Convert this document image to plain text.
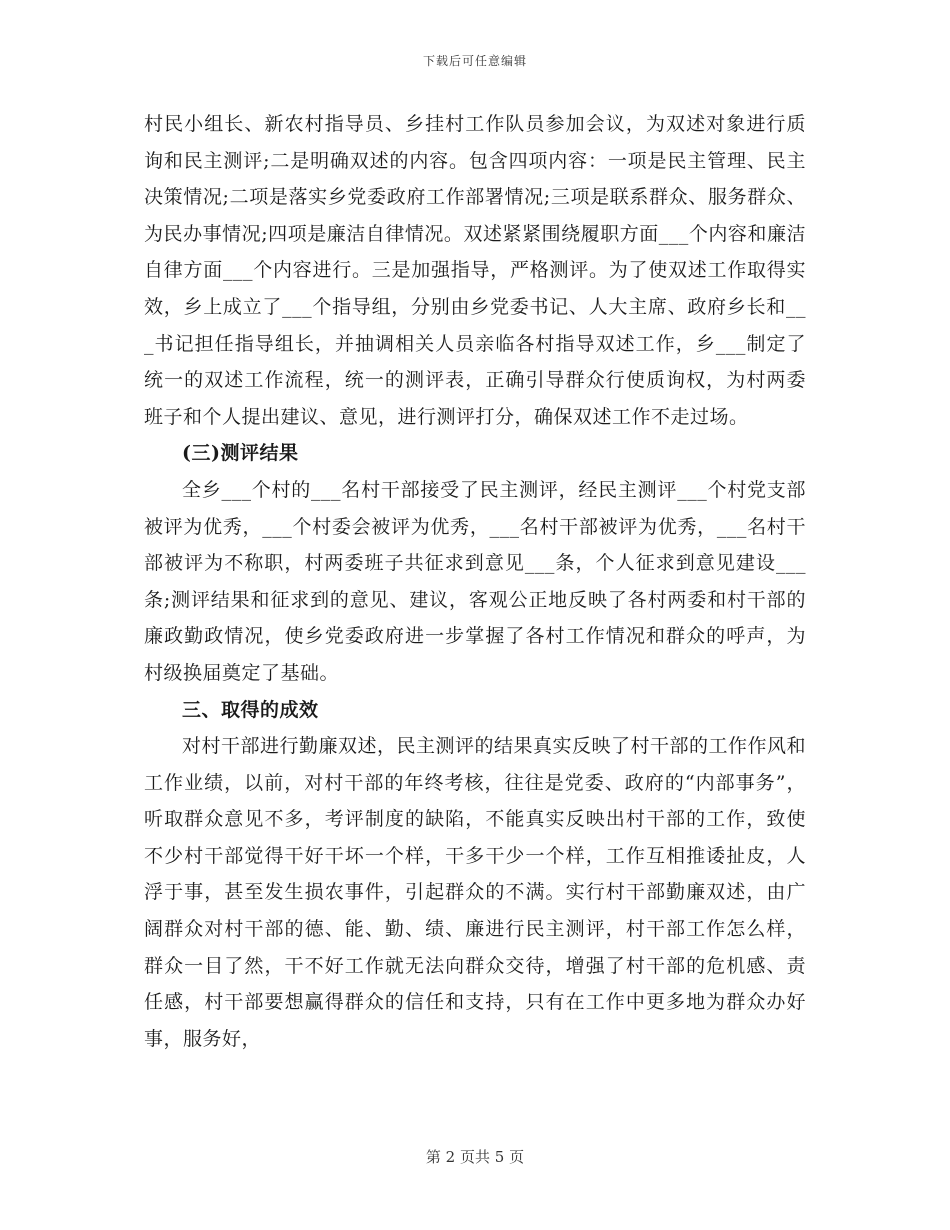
下载后可任意编辑

村民小组长、新农村指导员、乡挂村工作队员参加会议，为双述对象进行质询和民主测评;二是明确双述的内容。包含四项内容：一项是民主管理、民主决策情况;二项是落实乡党委政府工作部署情况;三项是联系群众、服务群众、为民办事情况;四项是廉洁自律情况。双述紧紧围绕履职方面___个内容和廉洁自律方面___个内容进行。三是加强指导，严格测评。为了使双述工作取得实效，乡上成立了___个指导组，分别由乡党委书记、人大主席、政府乡长和___书记担任指导组长，并抽调相关人员亲临各村指导双述工作，乡___制定了统一的双述工作流程，统一的测评表，正确引导群众行使质询权，为村两委班子和个人提出建议、意见，进行测评打分，确保双述工作不走过场。

(三)测评结果

全乡___个村的___名村干部接受了民主测评，经民主测评___个村党支部被评为优秀，___个村委会被评为优秀，___名村干部被评为优秀，___名村干部被评为不称职，村两委班子共征求到意见___条，个人征求到意见建设___条;测评结果和征求到的意见、建议，客观公正地反映了各村两委和村干部的廉政勤政情况，使乡党委政府进一步掌握了各村工作情况和群众的呼声，为村级换届奠定了基础。

三、取得的成效

对村干部进行勤廉双述，民主测评的结果真实反映了村干部的工作作风和工作业绩，以前，对村干部的年终考核，往往是党委、政府的“内部事务”，听取群众意见不多，考评制度的缺陷，不能真实反映出村干部的工作，致使不少村干部觉得干好干坏一个样，干多干少一个样，工作互相推诿扯皮，人浮于事，甚至发生损农事件，引起群众的不满。实行村干部勤廉双述，由广阔群众对村干部的德、能、勤、绩、廉进行民主测评，村干部工作怎么样，群众一目了然，干不好工作就无法向群众交待，增强了村干部的危机感、责任感，村干部要想赢得群众的信任和支持，只有在工作中更多地为群众办好事，服务好，

第 2 页共 5 页
